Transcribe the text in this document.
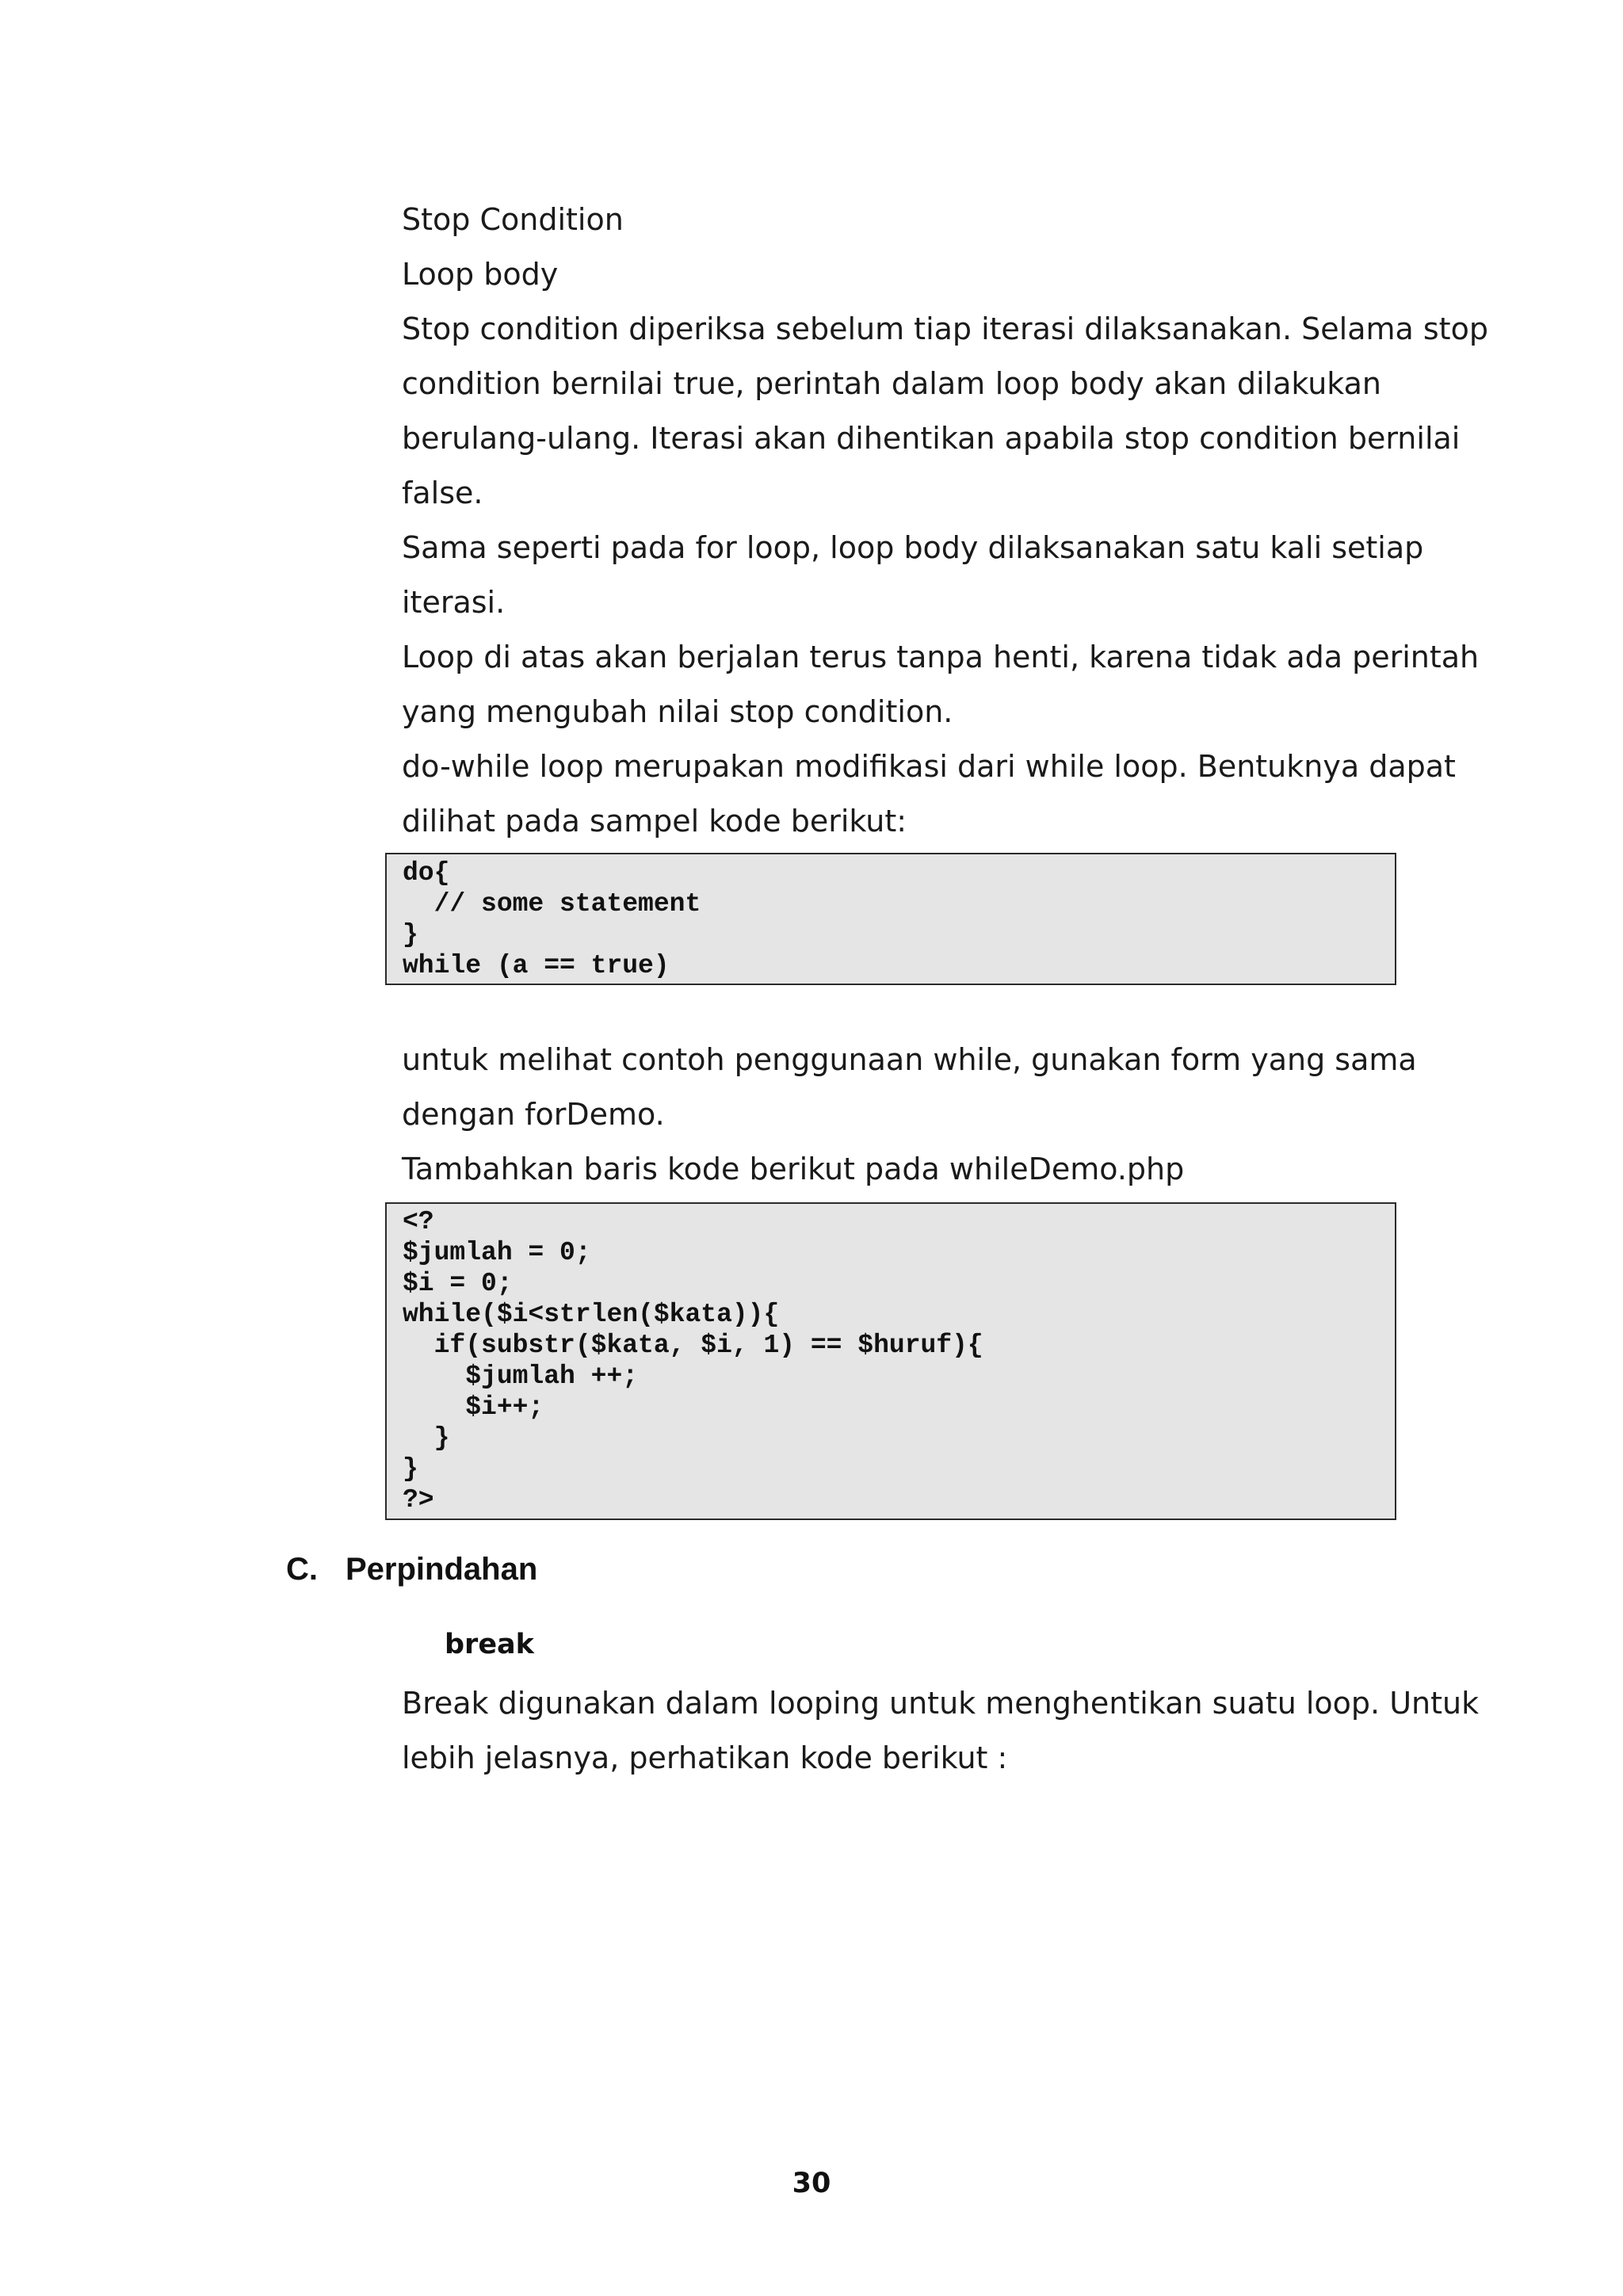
Stop Condition
Loop body
Stop condition diperiksa sebelum tiap iterasi dilaksanakan. Selama stop
condition bernilai true, perintah dalam loop body akan dilakukan
berulang-ulang. Iterasi akan dihentikan apabila stop condition bernilai
false.
Sama seperti pada for loop, loop body dilaksanakan satu kali setiap
iterasi.
Loop di atas akan berjalan terus tanpa henti, karena tidak ada perintah
yang mengubah nilai stop condition.
do-while loop merupakan modifikasi dari while loop. Bentuknya dapat
dilihat pada sampel kode berikut:
do{
// some statement
}
while (a == true)
untuk melihat contoh penggunaan while, gunakan form yang sama
dengan forDemo.
Tambahkan baris kode berikut pada whileDemo.php
<?
$jumlah = 0;
$i = 0;
while($i<strlen($kata)){
if(substr($kata, $i, 1) == $huruf){
$jumlah ++;
$i++;
}
}
?>
C. Perpindahan
break
Break digunakan dalam looping untuk menghentikan suatu loop. Untuk
lebih jelasnya, perhatikan kode berikut :
30
